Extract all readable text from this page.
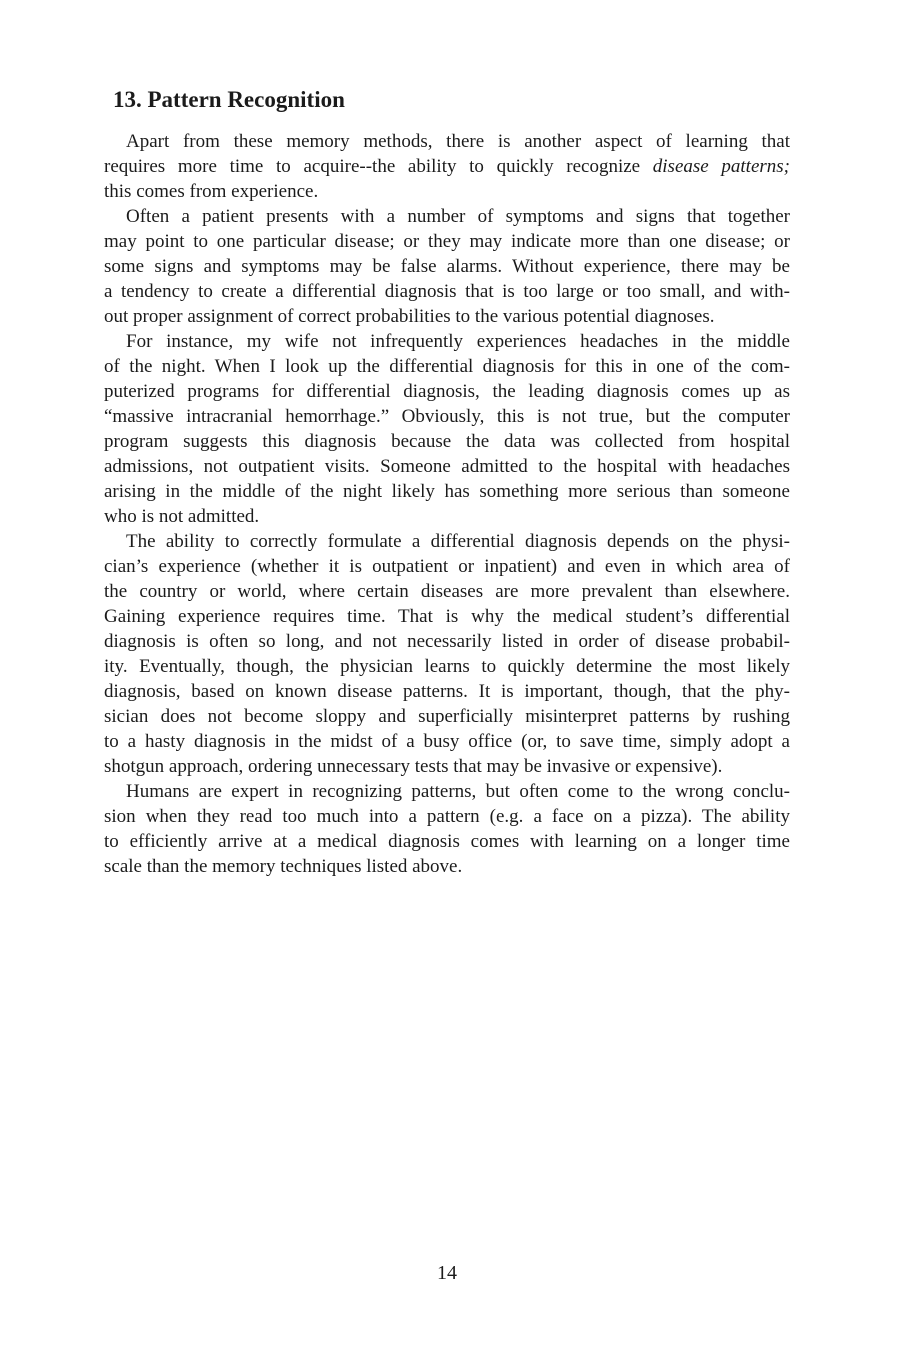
13. Pattern Recognition
Apart from these memory methods, there is another aspect of learning that
requires more time to acquire--the ability to quickly recognize disease patterns;
this comes from experience.
Often a patient presents with a number of symptoms and signs that together
may point to one particular disease; or they may indicate more than one disease; or
some signs and symptoms may be false alarms. Without experience, there may be
a tendency to create a differential diagnosis that is too large or too small, and with-
out proper assignment of correct probabilities to the various potential diagnoses.
For instance, my wife not infrequently experiences headaches in the middle
of the night. When I look up the differential diagnosis for this in one of the com-
puterized programs for differential diagnosis, the leading diagnosis comes up as
“massive intracranial hemorrhage.” Obviously, this is not true, but the computer
program suggests this diagnosis because the data was collected from hospital
admissions, not outpatient visits. Someone admitted to the hospital with headaches
arising in the middle of the night likely has something more serious than someone
who is not admitted.
The ability to correctly formulate a differential diagnosis depends on the physi-
cian’s experience (whether it is outpatient or inpatient) and even in which area of
the country or world, where certain diseases are more prevalent than elsewhere.
Gaining experience requires time. That is why the medical student’s differential
diagnosis is often so long, and not necessarily listed in order of disease probabil-
ity. Eventually, though, the physician learns to quickly determine the most likely
diagnosis, based on known disease patterns. It is important, though, that the phy-
sician does not become sloppy and superficially misinterpret patterns by rushing
to a hasty diagnosis in the midst of a busy office (or, to save time, simply adopt a
shotgun approach, ordering unnecessary tests that may be invasive or expensive).
Humans are expert in recognizing patterns, but often come to the wrong conclu-
sion when they read too much into a pattern (e.g. a face on a pizza). The ability
to efficiently arrive at a medical diagnosis comes with learning on a longer time
scale than the memory techniques listed above.
14
